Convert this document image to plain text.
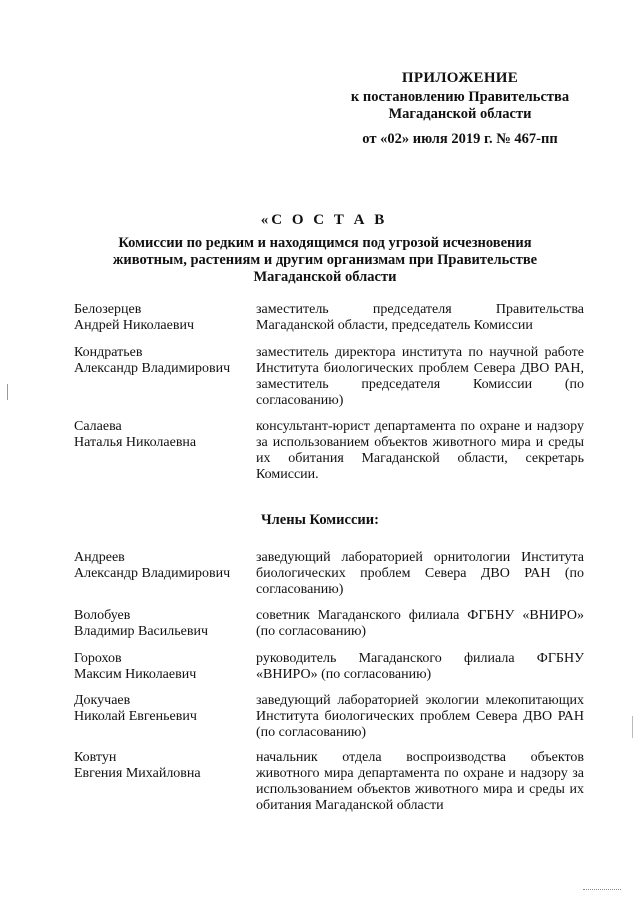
ПРИЛОЖЕНИЕ
к постановлению Правительства
Магаданской области
от «02» июля 2019 г. № 467-пп
«С О С Т А В
Комиссии по редким и находящимся под угрозой исчезновения
животным, растениям и другим организмам при Правительстве
Магаданской области
Белозерцев
Андрей Николаевич
заместитель председателя Правительства Магаданской области, председатель Комиссии
Кондратьев
Александр Владимирович
заместитель директора института по научной работе Института биологических проблем Севера ДВО РАН, заместитель председателя Комиссии (по согласованию)
Салаева
Наталья Николаевна
консультант-юрист департамента по охране и надзору за использованием объектов животного мира и среды их обитания Магаданской области, секретарь Комиссии.
Члены Комиссии:
Андреев
Александр Владимирович
заведующий лабораторией орнитологии Института биологических проблем Севера ДВО РАН (по согласованию)
Волобуев
Владимир Васильевич
советник Магаданского филиала ФГБНУ «ВНИРО» (по согласованию)
Горохов
Максим Николаевич
руководитель Магаданского филиала ФГБНУ «ВНИРО» (по согласованию)
Докучаев
Николай Евгеньевич
заведующий лабораторией экологии млекопитающих Института биологических проблем Севера ДВО РАН (по согласованию)
Ковтун
Евгения Михайловна
начальник отдела воспроизводства объектов животного мира департамента по охране и надзору за использованием объектов животного мира и среды их обитания Магаданской области
